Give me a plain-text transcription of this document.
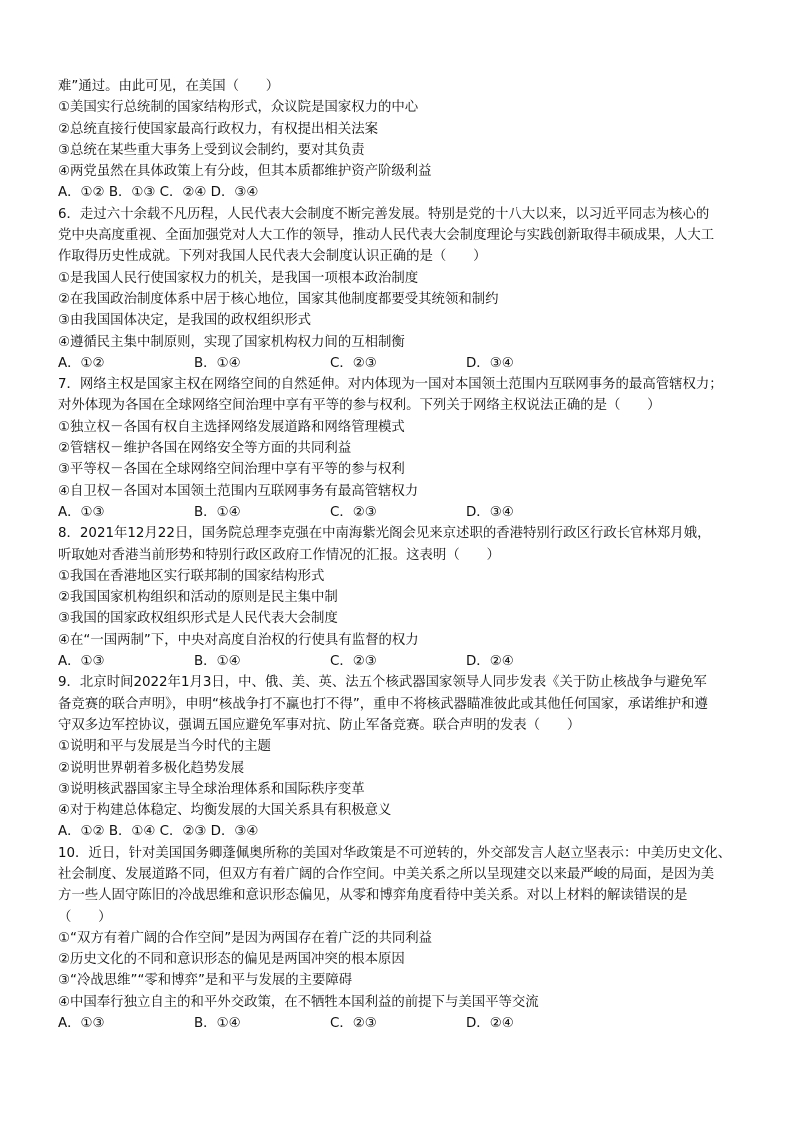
难”通过。由此可见，在美国（　　）
①美国实行总统制的国家结构形式，众议院是国家权力的中心
②总统直接行使国家最高行政权力，有权提出相关法案
③总统在某些重大事务上受到议会制约，要对其负责
④两党虽然在具体政策上有分歧，但其本质都维护资产阶级利益
A．①② B．①③ C．②④ D．③④
6．走过六十余载不凡历程，人民代表大会制度不断完善发展。特别是党的十八大以来，以习近平同志为核心的
党中央高度重视、全面加强党对人大工作的领导，推动人民代表大会制度理论与实践创新取得丰硕成果，人大工
作取得历史性成就。下列对我国人民代表大会制度认识正确的是（　　）
①是我国人民行使国家权力的机关，是我国一项根本政治制度
②在我国政治制度体系中居于核心地位，国家其他制度都要受其统领和制约
③由我国国体决定，是我国的政权组织形式
④遵循民主集中制原则，实现了国家机构权力间的互相制衡
A．①②	B．①④	C．②③	D．③④
7．网络主权是国家主权在网络空间的自然延伸。对内体现为一国对本国领土范围内互联网事务的最高管辖权力；
对外体现为各国在全球网络空间治理中享有平等的参与权利。下列关于网络主权说法正确的是（　　）
①独立权－各国有权自主选择网络发展道路和网络管理模式
②管辖权－维护各国在网络安全等方面的共同利益
③平等权－各国在全球网络空间治理中享有平等的参与权利
④自卫权－各国对本国领土范围内互联网事务有最高管辖权力
A．①③	B．①④	C．②③	D．③④
8．2021年12月22日，国务院总理李克强在中南海紫光阁会见来京述职的香港特别行政区行政长官林郑月娥，
听取她对香港当前形势和特别行政区政府工作情况的汇报。这表明（　　）
①我国在香港地区实行联邦制的国家结构形式
②我国国家机构组织和活动的原则是民主集中制
③我国的国家政权组织形式是人民代表大会制度
④在“一国两制”下，中央对高度自治权的行使具有监督的权力
A．①③	B．①④	C．②③	D．②④
9．北京时间2022年1月3日，中、俄、美、英、法五个核武器国家领导人同步发表《关于防止核战争与避免军
备竞赛的联合声明》，申明“核战争打不赢也打不得”，重申不将核武器瞄准彼此或其他任何国家，承诺维护和遵
守双多边军控协议，强调五国应避免军事对抗、防止军备竞赛。联合声明的发表（　　）
①说明和平与发展是当今时代的主题
②说明世界朝着多极化趋势发展
③说明核武器国家主导全球治理体系和国际秩序变革
④对于构建总体稳定、均衡发展的大国关系具有积极意义
A．①② B．①④ C．②③ D．③④
10．近日，针对美国国务卿蓬佩奥所称的美国对华政策是不可逆转的，外交部发言人赵立坚表示：中美历史文化、
社会制度、发展道路不同，但双方有着广阔的合作空间。中美关系之所以呈现建交以来最严峻的局面，是因为美
方一些人固守陈旧的冷战思维和意识形态偏见，从零和博弈角度看待中美关系。对以上材料的解读错误的是
（　　）
①“双方有着广阔的合作空间”是因为两国存在着广泛的共同利益
②历史文化的不同和意识形态的偏见是两国冲突的根本原因
③“冷战思维”“零和博弈”是和平与发展的主要障碍
④中国奉行独立自主的和平外交政策，在不牺牲本国利益的前提下与美国平等交流
A．①③	B．①④	C．②③	D．②④
